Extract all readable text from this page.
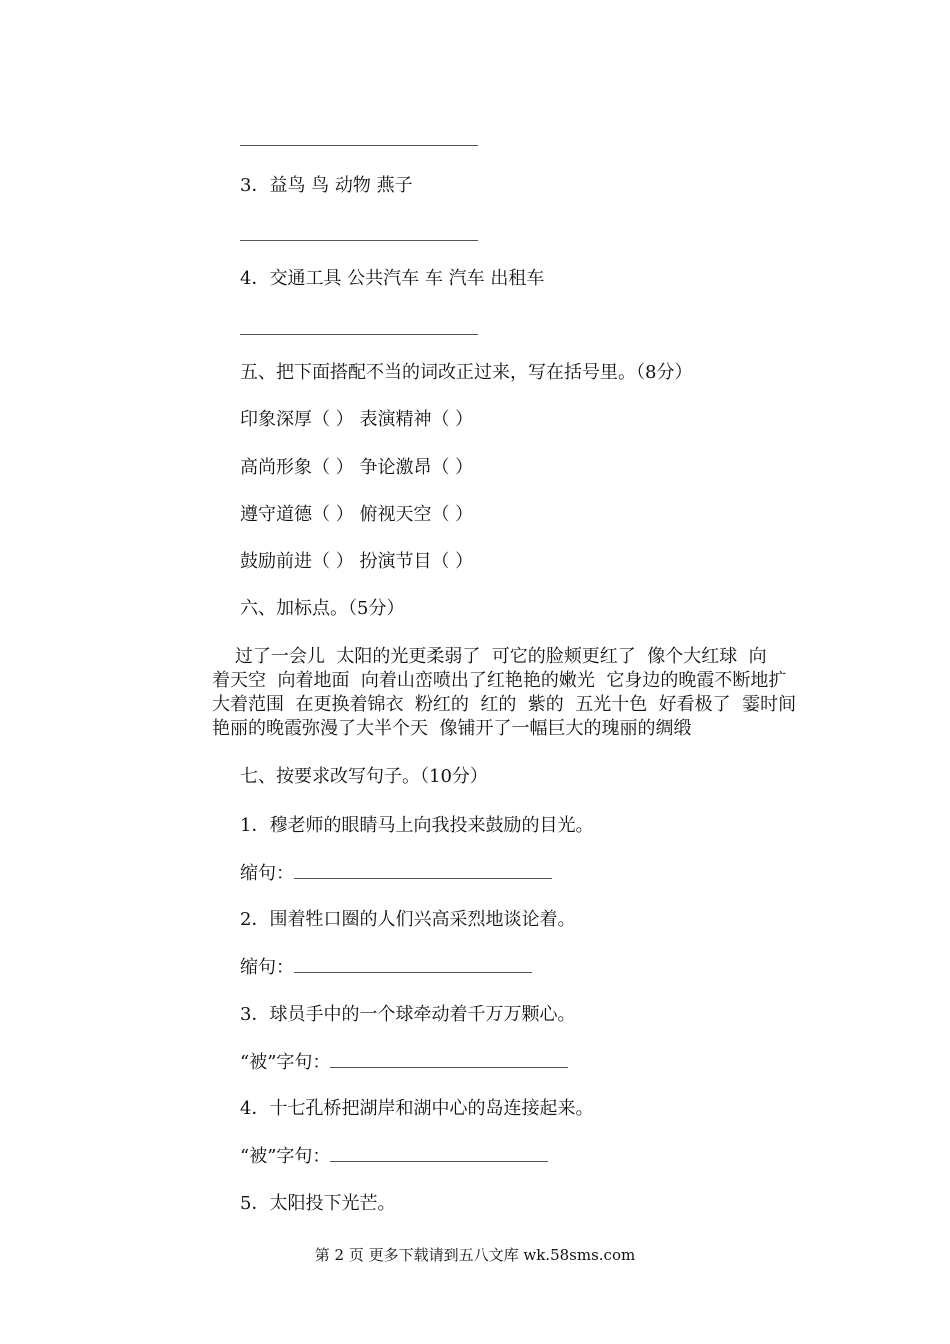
3．益鸟 鸟 动物 燕子
4．交通工具 公共汽车 车 汽车 出租车
五、把下面搭配不当的词改正过来，写在括号里。（8分）
印象深厚（ ） 表演精神（ ）
高尚形象（ ） 争论激昂（ ）
遵守道德（ ） 俯视天空（ ）
鼓励前进（ ） 扮演节目（ ）
六、加标点。（5分）
过了一会儿  太阳的光更柔弱了  可它的脸颊更红了  像个大红球  向
着天空  向着地面  向着山峦喷出了红艳艳的嫩光  它身边的晚霞不断地扩
大着范围  在更换着锦衣  粉红的  红的  紫的  五光十色  好看极了  霎时间
艳丽的晚霞弥漫了大半个天  像铺开了一幅巨大的瑰丽的绸缎
七、按要求改写句子。（10分）
1．穆老师的眼睛马上向我投来鼓励的目光。
缩句：
2．围着牲口圈的人们兴高采烈地谈论着。
缩句：
3．球员手中的一个球牵动着千万万颗心。
“被”字句：
4．十七孔桥把湖岸和湖中心的岛连接起来。
“被”字句：
5．太阳投下光芒。
第 2 页 更多下载请到五八文库 wk.58sms.com
